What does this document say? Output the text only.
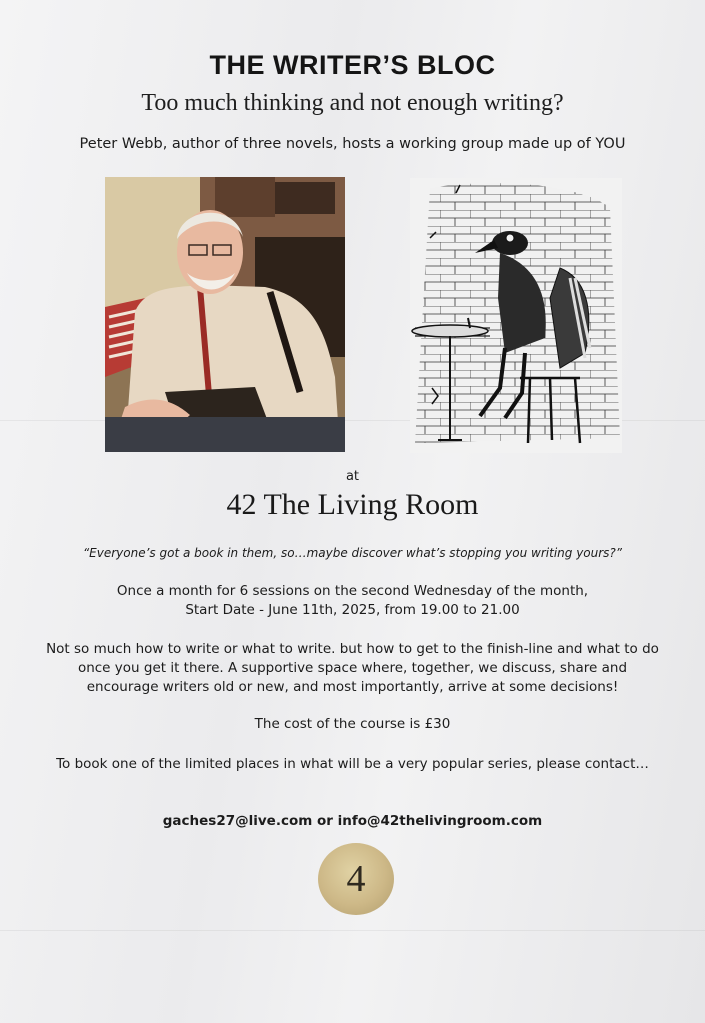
THE WRITER’S BLOC
Too much thinking and not enough writing?
Peter Webb, author of three novels, hosts a working group made up of YOU
at
42 The Living Room
“Everyone’s got a book in them, so…maybe discover what’s stopping you writing yours?”
Once a month for 6 sessions on the second Wednesday of the month,
Start Date - June 11th, 2025, from 19.00 to 21.00
Not so much how to write or what to write. but how to get to the finish-line and what to do
once you get it there. A supportive space where, together, we discuss, share and
encourage writers old or new, and most importantly, arrive at some decisions!
The cost of the course is £30
To book one of the limited places in what will be a very popular series, please contact…
gaches27@live.com or info@42thelivingroom.com
4
